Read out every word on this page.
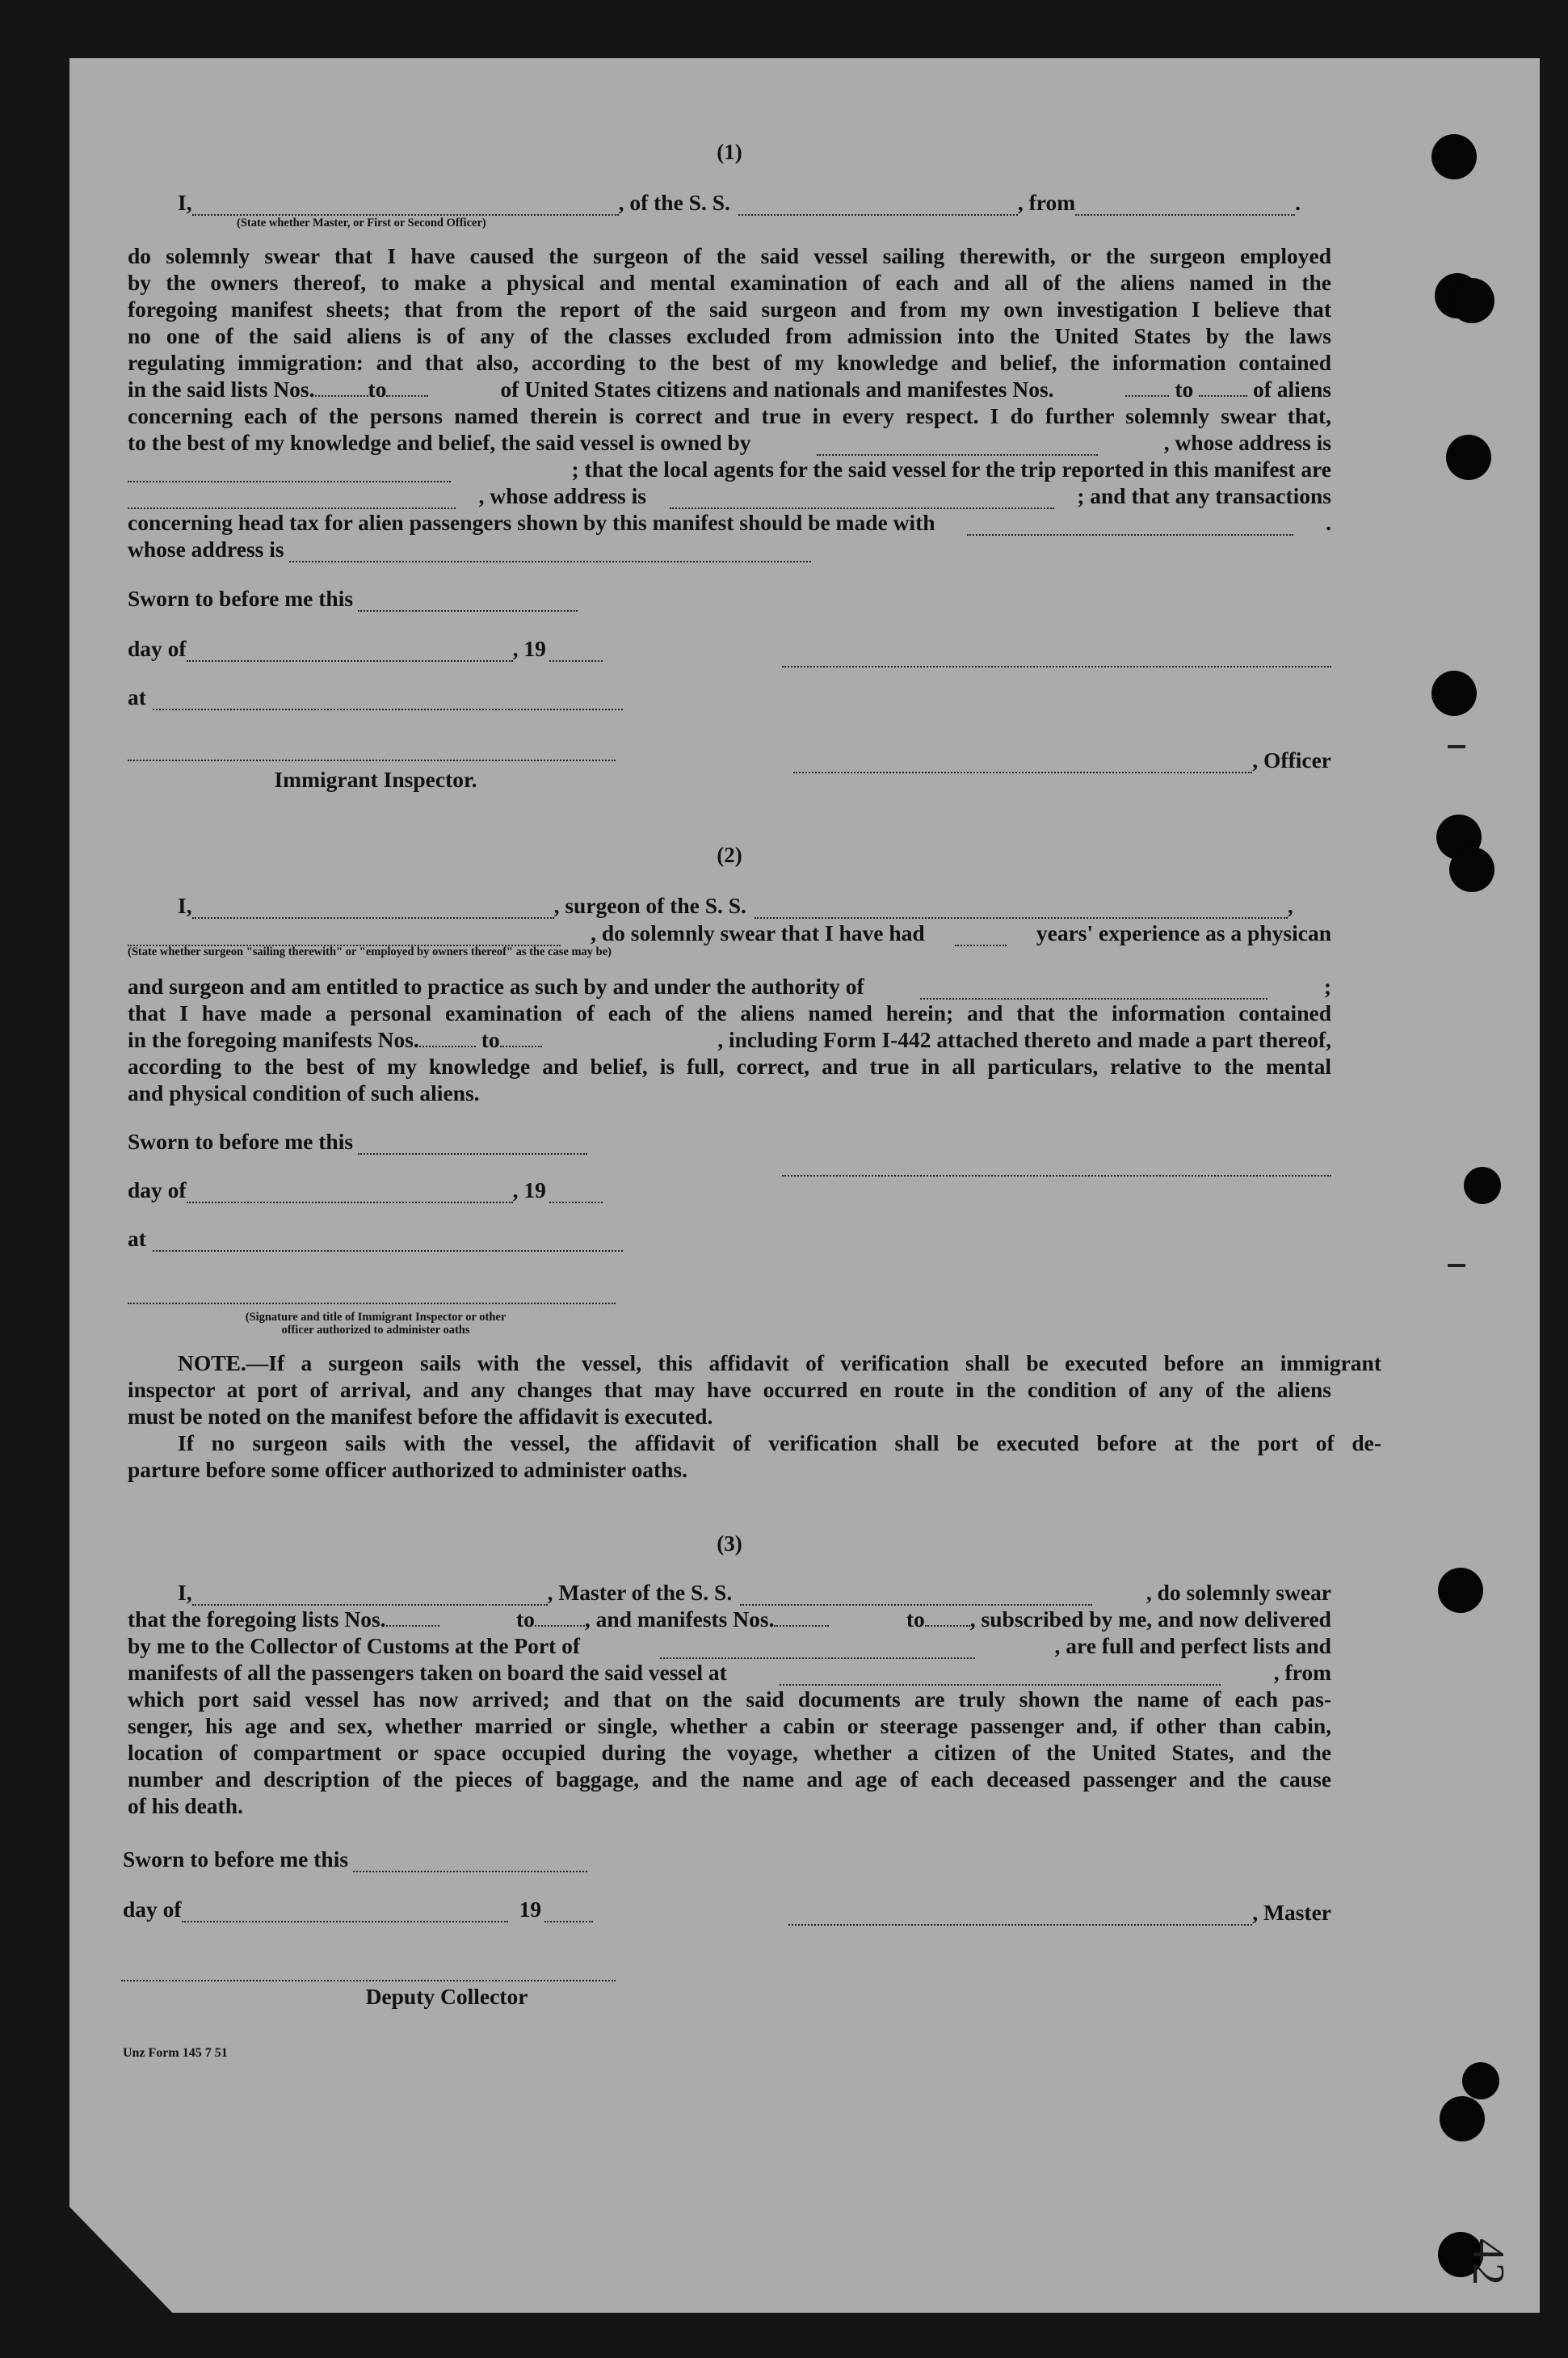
42
(1)
I,	, of the S. S.	, from	.
(State whether Master, or First or Second Officer)
do solemnly swear that I have caused the surgeon of the said vessel sailing therewith, or the surgeon employed
by the owners thereof, to make a physical and mental examination of each and all of the aliens named in the
foregoing manifest sheets; that from the report of the said surgeon and from my own investigation I believe that
no one of the said aliens is of any of the classes excluded from admission into the United States by the laws
regulating immigration: and that also, according to the best of my knowledge and belief, the information contained
in the said lists Nos. to	of United States citizens and nationals and manifestes Nos.	to	of aliens
concerning each of the persons named therein is correct and true in every respect. I do further solemnly swear that,
to the best of my knowledge and belief, the said vessel is owned by	, whose address is
; that the local agents for the said vessel for the trip reported in this manifest are
, whose address is	; and that any transactions
concerning head tax for alien passengers shown by this manifest should be made with	.
whose address is
Sworn to before me this
day of	, 19
at
, Officer
Immigrant Inspector.
(2)
I,	, surgeon of the S. S.	,
, do solemnly swear that I have had	years' experience as a physican
(State whether surgeon "sailing therewith" or "employed by owners thereof" as the case may be)
and surgeon and am entitled to practice as such by and under the authority of	;
that I have made a personal examination of each of the aliens named herein; and that the information contained
in the foregoing manifests Nos.	to	, including Form I-442 attached thereto and made a part thereof,
according to the best of my knowledge and belief, is full, correct, and true in all particulars, relative to the mental
and physical condition of such aliens.
Sworn to before me this
day of	, 19
at
(Signature and title of Immigrant Inspector or other
officer authorized to administer oaths
NOTE.—If a surgeon sails with the vessel, this affidavit of verification shall be executed before an immigrant
inspector at port of arrival, and any changes that may have occurred en route in the condition of any of the aliens
must be noted on the manifest before the affidavit is executed.
If no surgeon sails with the vessel, the affidavit of verification shall be executed before at the port of de-
parture before some officer authorized to administer oaths.
(3)
I,	, Master of the S. S.	, do solemnly swear
that the foregoing lists Nos.	to , and manifests Nos.	to , subscribed by me, and now delivered
by me to the Collector of Customs at the Port of	, are full and perfect lists and
manifests of all the passengers taken on board the said vessel at	, from
which port said vessel has now arrived; and that on the said documents are truly shown the name of each pas-
senger, his age and sex, whether married or single, whether a cabin or steerage passenger and, if other than cabin,
location of compartment or space occupied during the voyage, whether a citizen of the United States, and the
number and description of the pieces of baggage, and the name and age of each deceased passenger and the cause
of his death.
Sworn to before me this
day of	19	, Master
Deputy Collector
Unz Form 145 7 51
